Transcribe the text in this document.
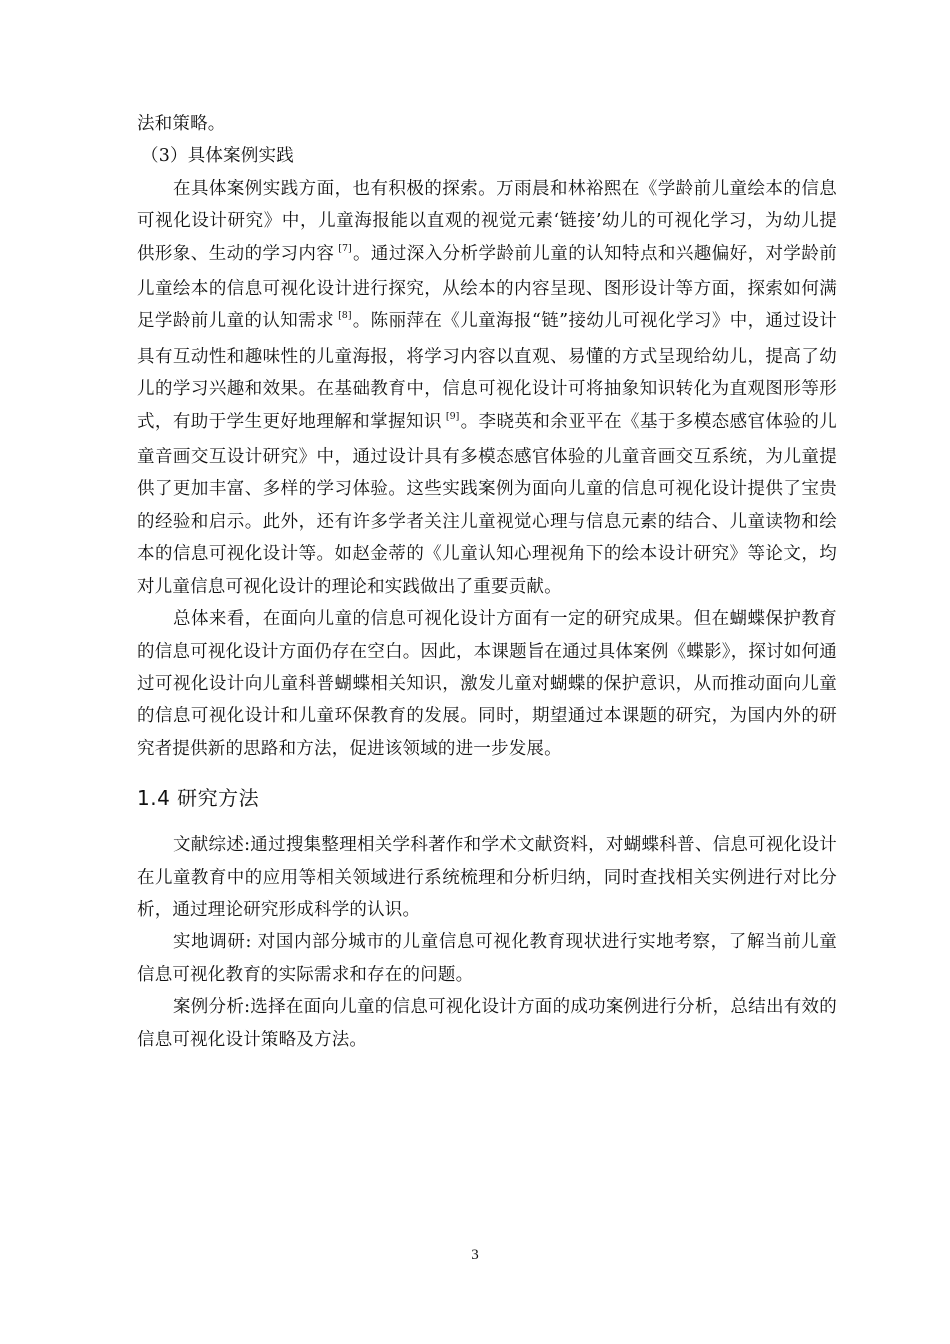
法和策略。

（3）具体案例实践

在具体案例实践方面，也有积极的探索。万雨晨和林裕熙在《学龄前儿童绘本的信息可视化设计研究》中，儿童海报能以直观的视觉元素‘链接’幼儿的可视化学习，为幼儿提供形象、生动的学习内容 [7]。通过深入分析学龄前儿童的认知特点和兴趣偏好，对学龄前儿童绘本的信息可视化设计进行探究，从绘本的内容呈现、图形设计等方面，探索如何满足学龄前儿童的认知需求 [8]。陈丽萍在《儿童海报“链”接幼儿可视化学习》中，通过设计具有互动性和趣味性的儿童海报，将学习内容以直观、易懂的方式呈现给幼儿，提高了幼儿的学习兴趣和效果。在基础教育中，信息可视化设计可将抽象知识转化为直观图形等形式，有助于学生更好地理解和掌握知识 [9]。李晓英和余亚平在《基于多模态感官体验的儿童音画交互设计研究》中，通过设计具有多模态感官体验的儿童音画交互系统，为儿童提供了更加丰富、多样的学习体验。这些实践案例为面向儿童的信息可视化设计提供了宝贵的经验和启示。此外，还有许多学者关注儿童视觉心理与信息元素的结合、儿童读物和绘本的信息可视化设计等。如赵金蒂的《儿童认知心理视角下的绘本设计研究》等论文，均对儿童信息可视化设计的理论和实践做出了重要贡献。

总体来看，在面向儿童的信息可视化设计方面有一定的研究成果。但在蝴蝶保护教育的信息可视化设计方面仍存在空白。因此，本课题旨在通过具体案例《蝶影》，探讨如何通过可视化设计向儿童科普蝴蝶相关知识，激发儿童对蝴蝶的保护意识，从而推动面向儿童的信息可视化设计和儿童环保教育的发展。同时，期望通过本课题的研究，为国内外的研究者提供新的思路和方法，促进该领域的进一步发展。

1.4 研究方法

文献综述:通过搜集整理相关学科著作和学术文献资料，对蝴蝶科普、信息可视化设计在儿童教育中的应用等相关领域进行系统梳理和分析归纳，同时查找相关实例进行对比分析，通过理论研究形成科学的认识。

实地调研: 对国内部分城市的儿童信息可视化教育现状进行实地考察，了解当前儿童信息可视化教育的实际需求和存在的问题。

案例分析:选择在面向儿童的信息可视化设计方面的成功案例进行分析，总结出有效的信息可视化设计策略及方法。

3
